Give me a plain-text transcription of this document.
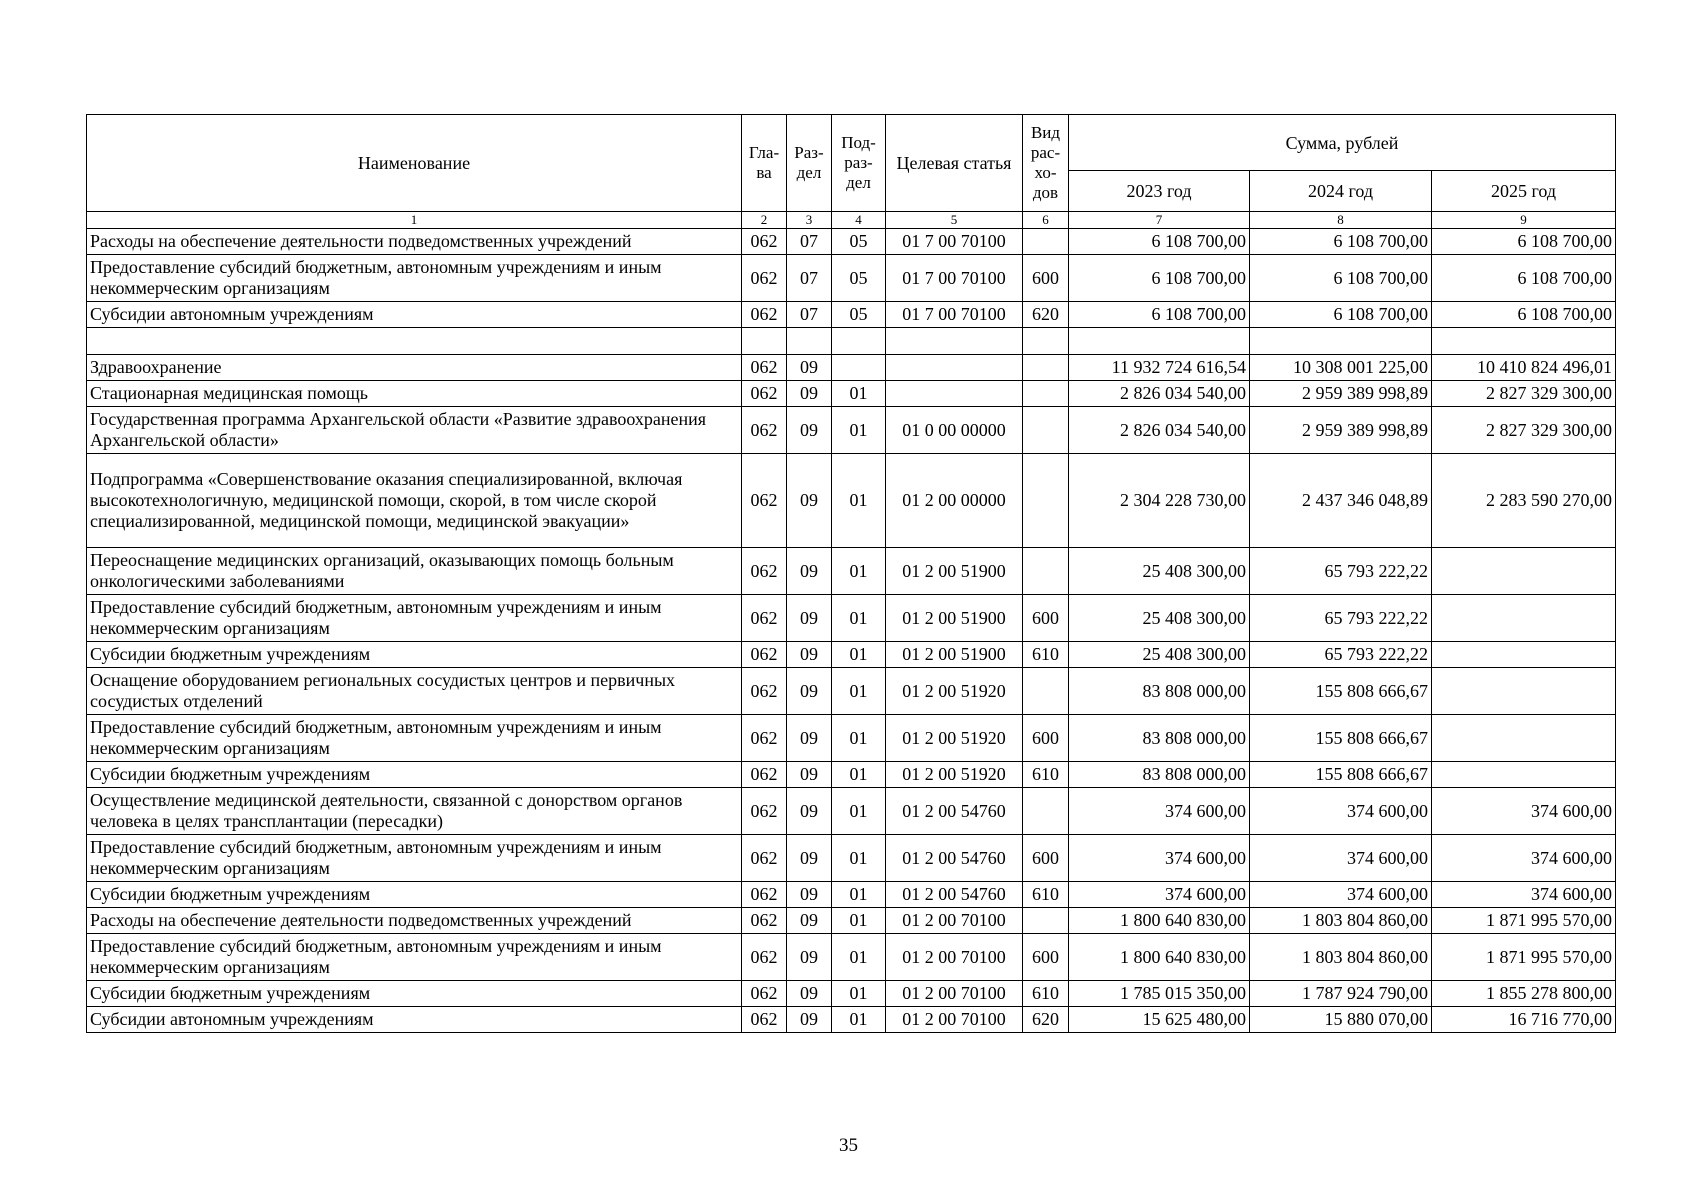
Наименование	Гла-ва	Раз-дел	Под-раз-дел	Целевая статья	Вид рас-хо-дов	Сумма, рублей		
						2023 год	2024 год	2025 год
1	2	3	4	5	6	7	8	9
Расходы на обеспечение деятельности подведомственных учреждений	062	07	05	01 7 00 70100		6 108 700,00	6 108 700,00	6 108 700,00
Предоставление субсидий бюджетным, автономным учреждениям и иным некоммерческим организациям	062	07	05	01 7 00 70100	600	6 108 700,00	6 108 700,00	6 108 700,00
Субсидии автономным учреждениям	062	07	05	01 7 00 70100	620	6 108 700,00	6 108 700,00	6 108 700,00

Здравоохранение	062	09				11 932 724 616,54	10 308 001 225,00	10 410 824 496,01
Стационарная медицинская помощь	062	09	01			2 826 034 540,00	2 959 389 998,89	2 827 329 300,00
Государственная программа Архангельской области «Развитие здравоохранения Архангельской области»	062	09	01	01 0 00 00000		2 826 034 540,00	2 959 389 998,89	2 827 329 300,00
Подпрограмма «Совершенствование оказания специализированной, включая высокотехнологичную, медицинской помощи, скорой, в том числе скорой специализированной, медицинской помощи, медицинской эвакуации»	062	09	01	01 2 00 00000		2 304 228 730,00	2 437 346 048,89	2 283 590 270,00
Переоснащение медицинских организаций, оказывающих помощь больным онкологическими заболеваниями	062	09	01	01 2 00 51900		25 408 300,00	65 793 222,22	
Предоставление субсидий бюджетным, автономным учреждениям и иным некоммерческим организациям	062	09	01	01 2 00 51900	600	25 408 300,00	65 793 222,22	
Субсидии бюджетным учреждениям	062	09	01	01 2 00 51900	610	25 408 300,00	65 793 222,22	
Оснащение оборудованием региональных сосудистых центров и первичных сосудистых отделений	062	09	01	01 2 00 51920		83 808 000,00	155 808 666,67	
Предоставление субсидий бюджетным, автономным учреждениям и иным некоммерческим организациям	062	09	01	01 2 00 51920	600	83 808 000,00	155 808 666,67	
Субсидии бюджетным учреждениям	062	09	01	01 2 00 51920	610	83 808 000,00	155 808 666,67	
Осуществление медицинской деятельности, связанной с донорством органов человека в целях трансплантации (пересадки)	062	09	01	01 2 00 54760		374 600,00	374 600,00	374 600,00
Предоставление субсидий бюджетным, автономным учреждениям и иным некоммерческим организациям	062	09	01	01 2 00 54760	600	374 600,00	374 600,00	374 600,00
Субсидии бюджетным учреждениям	062	09	01	01 2 00 54760	610	374 600,00	374 600,00	374 600,00
Расходы на обеспечение деятельности подведомственных учреждений	062	09	01	01 2 00 70100		1 800 640 830,00	1 803 804 860,00	1 871 995 570,00
Предоставление субсидий бюджетным, автономным учреждениям и иным некоммерческим организациям	062	09	01	01 2 00 70100	600	1 800 640 830,00	1 803 804 860,00	1 871 995 570,00
Субсидии бюджетным учреждениям	062	09	01	01 2 00 70100	610	1 785 015 350,00	1 787 924 790,00	1 855 278 800,00
Субсидии автономным учреждениям	062	09	01	01 2 00 70100	620	15 625 480,00	15 880 070,00	16 716 770,00
35
